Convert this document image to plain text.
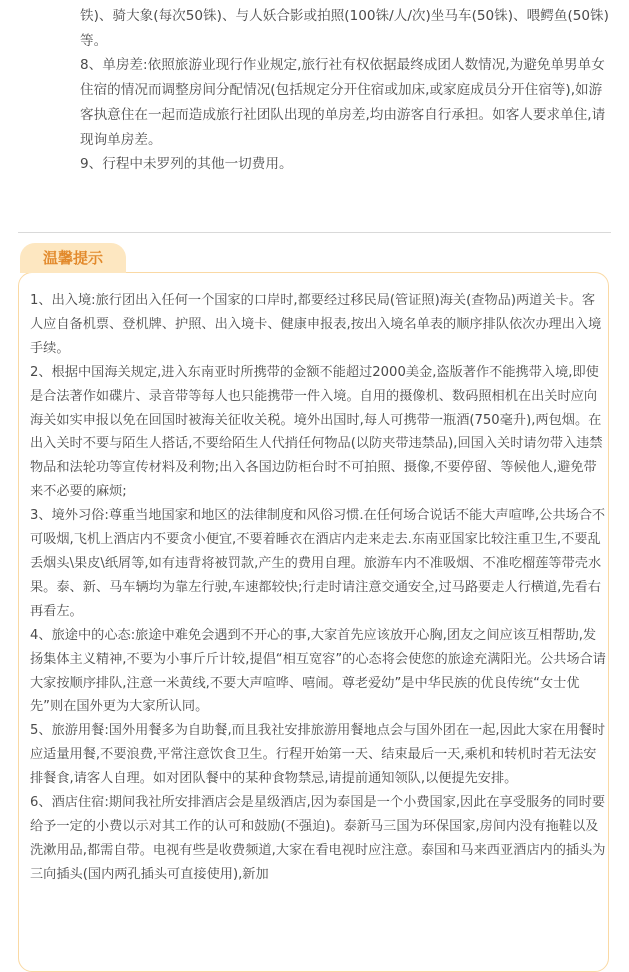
铁)、骑大象(每次50铢)、与人妖合影或拍照(100铢/人/次)坐马车(50铢)、喂鳄鱼(50铢)等。

8、单房差:依照旅游业现行作业规定,旅行社有权依据最终成团人数情况,为避免单男单女住宿的情况而调整房间分配情况(包括规定分开住宿或加床,或家庭成员分开住宿等),如游客执意住在一起而造成旅行社团队出现的单房差,均由游客自行承担。如客人要求单住,请现询单房差。

9、行程中未罗列的其他一切费用。

温馨提示

1、出入境:旅行团出入任何一个国家的口岸时,都要经过移民局(管证照)海关(查物品)两道关卡。客人应自备机票、登机牌、护照、出入境卡、健康申报表,按出入境名单表的顺序排队依次办理出入境手续。

2、根据中国海关规定,进入东南亚时所携带的金额不能超过2000美金,盗版著作不能携带入境,即使是合法著作如碟片、录音带等每人也只能携带一件入境。自用的摄像机、数码照相机在出关时应向海关如实申报以免在回国时被海关征收关税。境外出国时,每人可携带一瓶酒(750毫升),两包烟。在出入关时不要与陌生人搭话,不要给陌生人代捎任何物品(以防夹带违禁品),回国入关时请勿带入违禁物品和法轮功等宣传材料及利物;出入各国边防柜台时不可拍照、摄像,不要停留、等候他人,避免带来不必要的麻烦;

3、境外习俗:尊重当地国家和地区的法律制度和风俗习惯.在任何场合说话不能大声喧哗,公共场合不可吸烟,飞机上酒店内不要贪小便宜,不要着睡衣在酒店内走来走去.东南亚国家比较注重卫生,不要乱丢烟头\果皮\纸屑等,如有违背将被罚款,产生的费用自理。旅游车内不准吸烟、不准吃榴莲等带壳水果。泰、新、马车辆均为靠左行驶,车速都较快;行走时请注意交通安全,过马路要走人行横道,先看右再看左。

4、旅途中的心态:旅途中难免会遇到不开心的事,大家首先应该放开心胸,团友之间应该互相帮助,发扬集体主义精神,不要为小事斤斤计较,提倡“相互宽容”的心态将会使您的旅途充满阳光。公共场合请大家按顺序排队,注意一米黄线,不要大声喧哗、嘻闹。尊老爱幼”是中华民族的优良传统“女士优先”则在国外更为大家所认同。

5、旅游用餐:国外用餐多为自助餐,而且我社安排旅游用餐地点会与国外团在一起,因此大家在用餐时应适量用餐,不要浪费,平常注意饮食卫生。行程开始第一天、结束最后一天,乘机和转机时若无法安排餐食,请客人自理。如对团队餐中的某种食物禁忌,请提前通知领队,以便提先安排。

6、酒店住宿:期间我社所安排酒店会是星级酒店,因为泰国是一个小费国家,因此在享受服务的同时要给予一定的小费以示对其工作的认可和鼓励(不强迫)。泰新马三国为环保国家,房间内没有拖鞋以及洗漱用品,都需自带。电视有些是收费频道,大家在看电视时应注意。泰国和马来西亚酒店内的插头为三向插头(国内两孔插头可直接使用),新加
